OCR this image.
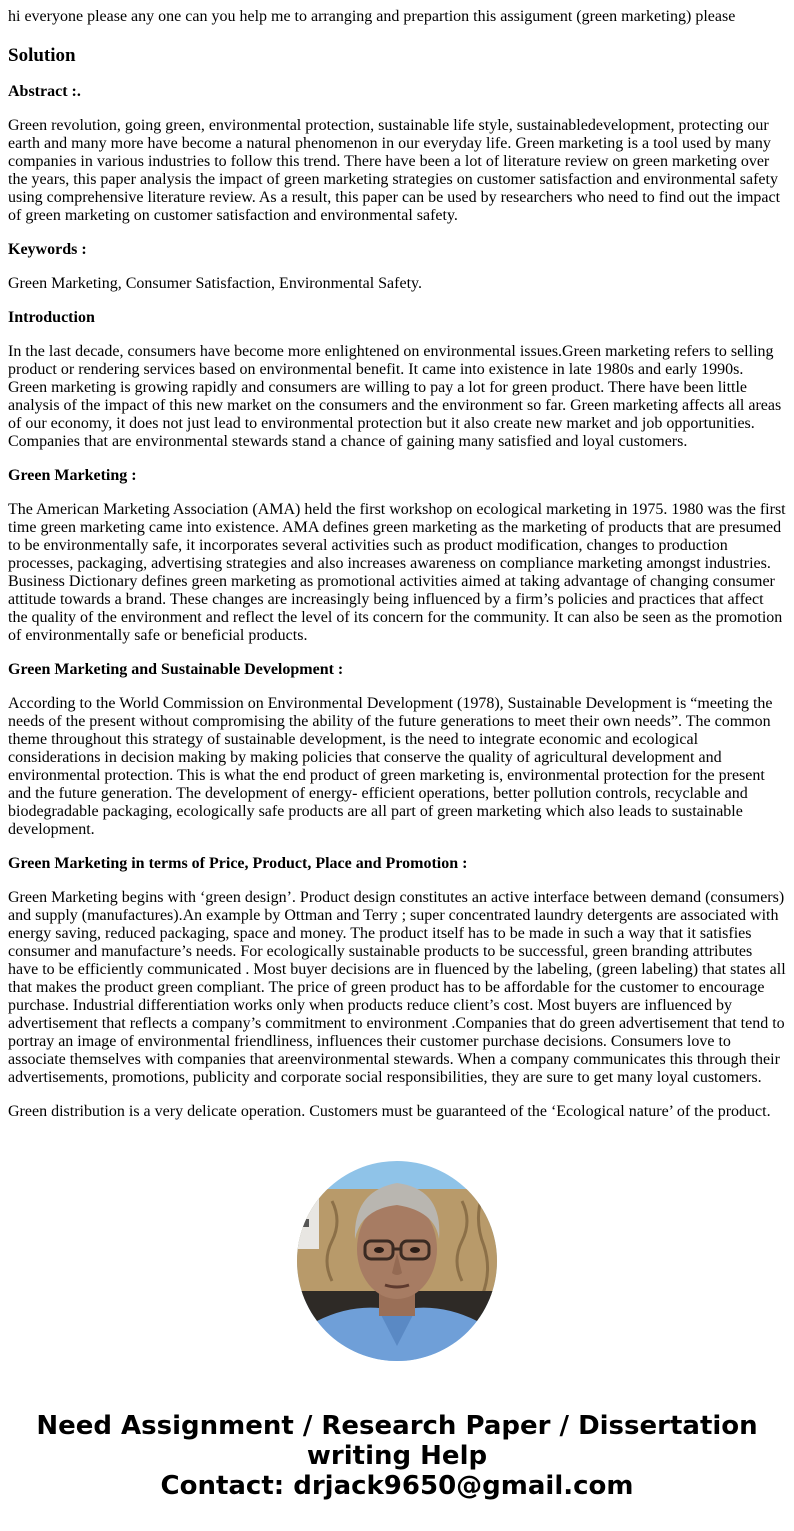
hi everyone please any one can you help me to arranging and prepartion this assigument (green marketing) please
Solution

Abstract :.

Green revolution, going green, environmental protection, sustainable life style, sustainabledevelopment, protecting our earth and many more have become a natural phenomenon in our everyday life. Green marketing is a tool used by many companies in various industries to follow this trend. There have been a lot of literature review on green marketing over the years, this paper analysis the impact of green marketing strategies on customer satisfaction and environmental safety using comprehensive literature review. As a result, this paper can be used by researchers who need to find out the impact of green marketing on customer satisfaction and environmental safety.

Keywords :

Green Marketing, Consumer Satisfaction, Environmental Safety.

Introduction

In the last decade, consumers have become more enlightened on environmental issues.Green marketing refers to selling product or rendering services based on environmental benefit. It came into existence in late 1980s and early 1990s. Green marketing is growing rapidly and consumers are willing to pay a lot for green product. There have been little analysis of the impact of this new market on the consumers and the environment so far. Green marketing affects all areas of our economy, it does not just lead to environmental protection but it also create new market and job opportunities. Companies that are environmental stewards stand a chance of gaining many satisfied and loyal customers.

Green Marketing :

The American Marketing Association (AMA) held the first workshop on ecological marketing in 1975. 1980 was the first time green marketing came into existence. AMA defines green marketing as the marketing of products that are presumed to be environmentally safe, it incorporates several activities such as product modification, changes to production processes, packaging, advertising strategies and also increases awareness on compliance marketing amongst industries. Business Dictionary defines green marketing as promotional activities aimed at taking advantage of changing consumer attitude towards a brand. These changes are increasingly being influenced by a firm’s policies and practices that affect the quality of the environment and reflect the level of its concern for the community. It can also be seen as the promotion of environmentally safe or beneficial products.

Green Marketing and Sustainable Development :

According to the World Commission on Environmental Development (1978), Sustainable Development is “meeting the needs of the present without compromising the ability of the future generations to meet their own needs”. The common theme throughout this strategy of sustainable development, is the need to integrate economic and ecological considerations in decision making by making policies that conserve the quality of agricultural development and environmental protection. This is what the end product of green marketing is, environmental protection for the present and the future generation. The development of energy- efficient operations, better pollution controls, recyclable and biodegradable packaging, ecologically safe products are all part of green marketing which also leads to sustainable development.

Green Marketing in terms of Price, Product, Place and Promotion :

Green Marketing begins with ‘green design’. Product design constitutes an active interface between demand (consumers) and supply (manufactures).An example by Ottman and Terry ; super concentrated laundry detergents are associated with energy saving, reduced packaging, space and money. The product itself has to be made in such a way that it satisfies consumer and manufacture’s needs. For ecologically sustainable products to be successful, green branding attributes have to be efficiently communicated . Most buyer decisions are in fluenced by the labeling, (green labeling) that states all that makes the product green compliant. The price of green product has to be affordable for the customer to encourage purchase. Industrial differentiation works only when products reduce client’s cost. Most buyers are influenced by advertisement that reflects a company’s commitment to environment .Companies that do green advertisement that tend to portray an image of environmental friendliness, influences their customer purchase decisions. Consumers love to associate themselves with companies that areenvironmental stewards. When a company communicates this through their advertisements, promotions, publicity and corporate social responsibilities, they are sure to get many loyal customers.

Green distribution is a very delicate operation. Customers must be guaranteed of the ‘Ecological nature’ of the product.

Need Assignment / Research Paper / Dissertation
writing Help
Contact: drjack9650@gmail.com
